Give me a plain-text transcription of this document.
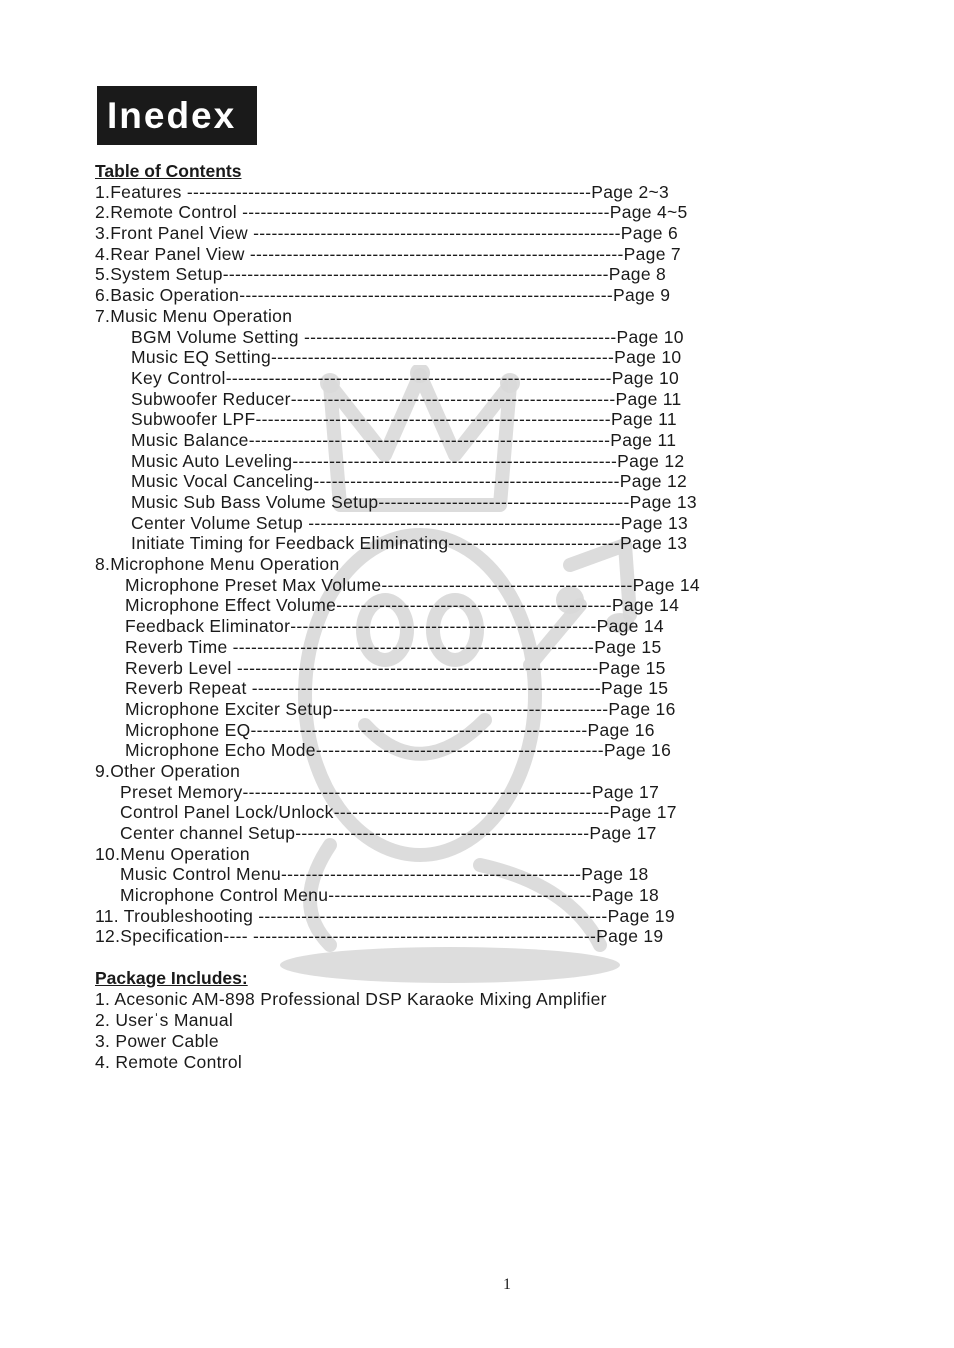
Inedex
Table of Contents
1.Features ------------------------------------------------------------------ Page 2~3
2.Remote Control ------------------------------------------------------------ Page 4~5
3.Front Panel View ------------------------------------------------------------ Page 6
4.Rear Panel View ------------------------------------------------------------- Page 7
5.System Setup--------------------------------------------------------------- Page 8
6.Basic Operation------------------------------------------------------------- Page 9
7.Music Menu Operation
BGM Volume Setting --------------------------------------------------- Page 10
Music EQ Setting-------------------------------------------------------- Page 10
Key Control--------------------------------------------------------------- Page 10
Subwoofer Reducer----------------------------------------------------- Page 11
Subwoofer LPF---------------------------------------------------------- Page 11
Music Balance----------------------------------------------------------- Page 11
Music Auto Leveling----------------------------------------------------- Page 12
Music Vocal Canceling-------------------------------------------------- Page 12
Music Sub Bass Volume Setup----------------------------------------- Page 13
Center Volume Setup --------------------------------------------------- Page 13
Initiate Timing for Feedback Eliminating---------------------------- Page 13
8.Microphone Menu Operation
Microphone Preset Max Volume----------------------------------------- Page 14
Microphone Effect Volume--------------------------------------------- Page 14
Feedback Eliminator-------------------------------------------------- Page 14
Reverb Time ----------------------------------------------------------- Page 15
Reverb Level ----------------------------------------------------------- Page 15
Reverb Repeat --------------------------------------------------------- Page 15
Microphone Exciter Setup--------------------------------------------- Page 16
Microphone EQ------------------------------------------------------- Page 16
Microphone Echo Mode----------------------------------------------- Page 16
9.Other Operation
Preset Memory--------------------------------------------------------- Page 17
Control Panel Lock/Unlock--------------------------------------------- Page 17
Center channel Setup------------------------------------------------ Page 17
10.Menu Operation
Music Control Menu------------------------------------------------- Page 18
Microphone Control Menu------------------------------------------- Page 18
11. Troubleshooting --------------------------------------------------------- Page 19
12.Specification---- -------------------------------------------------------- Page 19
Package Includes:
1. Acesonic AM-898 Professional DSP Karaoke Mixing Amplifier
2. Userˈs Manual
3. Power Cable
4. Remote Control
1
